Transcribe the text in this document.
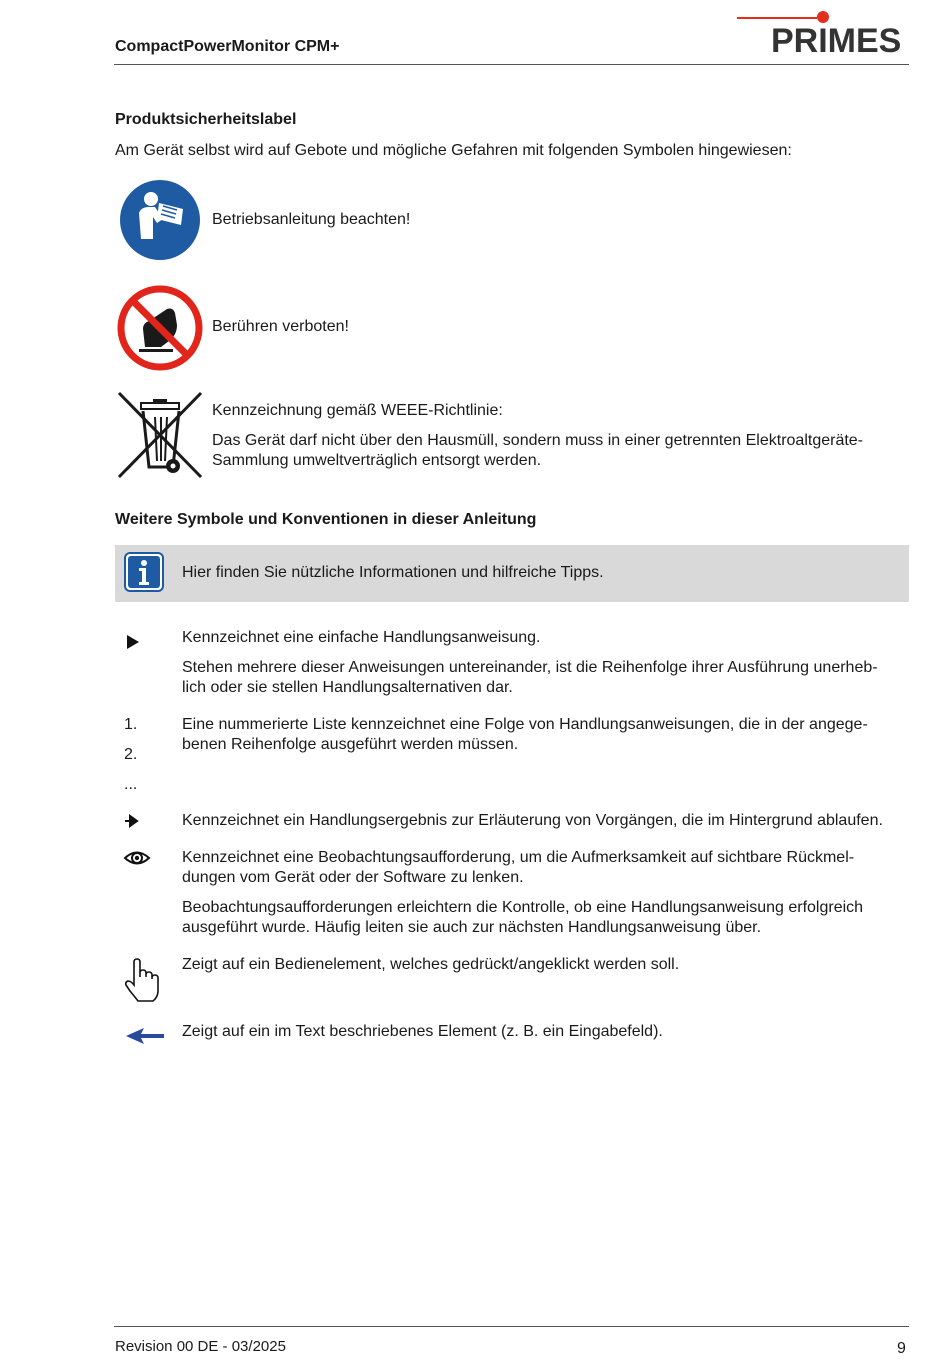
CompactPowerMonitor CPM+	PRIMES
Produktsicherheitslabel
Am Gerät selbst wird auf Gebote und mögliche Gefahren mit folgenden Symbolen hingewiesen:
Betriebsanleitung beachten!
Berühren verboten!
Kennzeichnung gemäß WEEE-Richtlinie:
Das Gerät darf nicht über den Hausmüll, sondern muss in einer getrennten Elektroaltgeräte-
Sammlung umweltverträglich entsorgt werden.
Weitere Symbole und Konventionen in dieser Anleitung
Hier finden Sie nützliche Informationen und hilfreiche Tipps.
Kennzeichnet eine einfache Handlungsanweisung.
Stehen mehrere dieser Anweisungen untereinander, ist die Reihenfolge ihrer Ausführung unerheb-
lich oder sie stellen Handlungsalternativen dar.
1.
2.
...
Eine nummerierte Liste kennzeichnet eine Folge von Handlungsanweisungen, die in der angege-
benen Reihenfolge ausgeführt werden müssen.
Kennzeichnet ein Handlungsergebnis zur Erläuterung von Vorgängen, die im Hintergrund ablaufen.
Kennzeichnet eine Beobachtungsaufforderung, um die Aufmerksamkeit auf sichtbare Rückmel-
dungen vom Gerät oder der Software zu lenken.
Beobachtungsaufforderungen erleichtern die Kontrolle, ob eine Handlungsanweisung erfolgreich
ausgeführt wurde. Häufig leiten sie auch zur nächsten Handlungsanweisung über.
Zeigt auf ein Bedienelement, welches gedrückt/angeklickt werden soll.
Zeigt auf ein im Text beschriebenes Element (z. B. ein Eingabefeld).
Revision 00 DE - 03/2025	9
